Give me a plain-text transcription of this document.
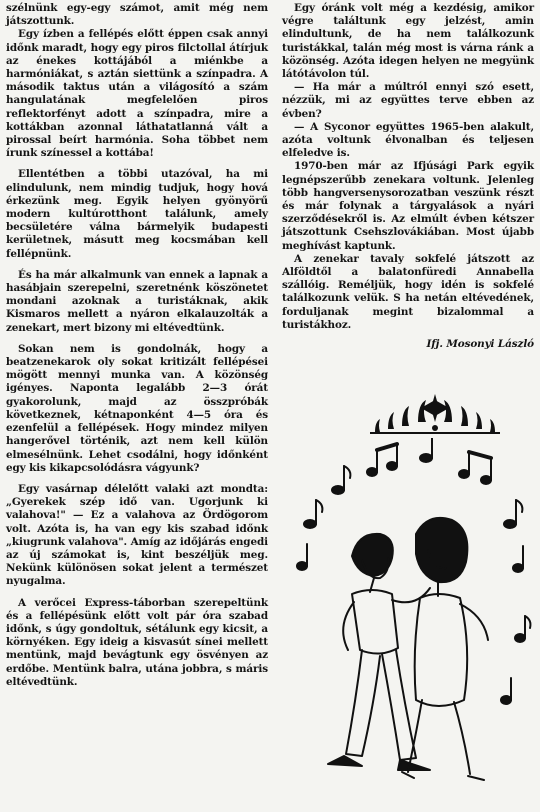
szélnünk egy-egy számot, amit még nem játszottunk.

Egy ízben a fellépés előtt éppen csak annyi időnk maradt, hogy egy piros filctollal átírjuk az énekes kottájából a miénkbe a harmóniákat, s aztán siettünk a színpadra. A második taktus után a világosító a szám hangulatának megfelelően piros reflektorfényt adott a színpadra, mire a kottákban azonnal láthatatlanná vált a pirossal beírt harmónia. Soha többet nem írunk színessel a kottába!

Ellentétben a többi utazóval, ha mi elindulunk, nem mindig tudjuk, hogy hová érkezünk meg. Egyik helyen gyönyörű modern kultúrotthont találunk, amely becsületére válna bármelyik budapesti kerületnek, másutt meg kocsmában kell fellépnünk.

És ha már alkalmunk van ennek a lapnak a hasábjain szerepelni, szeretnénk köszönetet mondani azoknak a turistáknak, akik Kismaros mellett a nyáron elkalauzolták a zenekart, mert bizony mi eltévedtünk.

Sokan nem is gondolnák, hogy a beatzenekarok oly sokat kritizált fellépései mögött mennyi munka van. A közönség igényes. Naponta legalább 2—3 órát gyakorolunk, majd az összpróbák következnek, kétnaponként 4—5 óra és ezenfelül a fellépések. Hogy mindez milyen hangerővel történik, azt nem kell külön elmesélnünk. Lehet csodálni, hogy időnként egy kis kikapcsolódásra vágyunk?

Egy vasárnap délelőtt valaki azt mondta: „Gyerekek szép idő van. Ugorjunk ki valahova!" — Ez a valahova az Ördögorom volt. Azóta is, ha van egy kis szabad időnk „kiugrunk valahova". Amíg az időjárás engedi az új számokat is, kint beszéljük meg. Nekünk különösen sokat jelent a természet nyugalma.

A verőcei Express-táborban szerepeltünk és a fellépésünk előtt volt pár óra szabad időnk, s úgy gondoltuk, sétálunk egy kicsit, a környéken. Egy ideig a kisvasút sínei mellett mentünk, majd bevágtunk egy ösvényen az erdőbe. Mentünk balra, utána jobbra, s máris eltévedtünk.

Egy óránk volt még a kezdésig, amikor végre találtunk egy jelzést, amin elindultunk, de ha nem találkozunk turistákkal, talán még most is várna ránk a közönség. Azóta idegen helyen ne megyünk látótávolon túl.

— Ha már a múltról ennyi szó esett, nézzük, mi az együttes terve ebben az évben?

— A Syconor együttes 1965-ben alakult, azóta voltunk élvonalban és teljesen elfeledve is.

1970-ben már az Ifjúsági Park egyik legnépszerűbb zenekara voltunk. Jelenleg több hangversenysorozatban veszünk részt és már folynak a tárgyalások a nyári szerződésekről is. Az elmúlt évben kétszer játszottunk Csehszlovákiában. Most újabb meghívást kaptunk.

A zenekar tavaly sokfelé játszott az Alföldtől a balatonfüredi Annabella szállóig. Reméljük, hogy idén is sokfelé találkozunk velük. S ha netán eltévedének, forduljanak megint bizalommal a turistákhoz.

Ifj. Mosonyi László
